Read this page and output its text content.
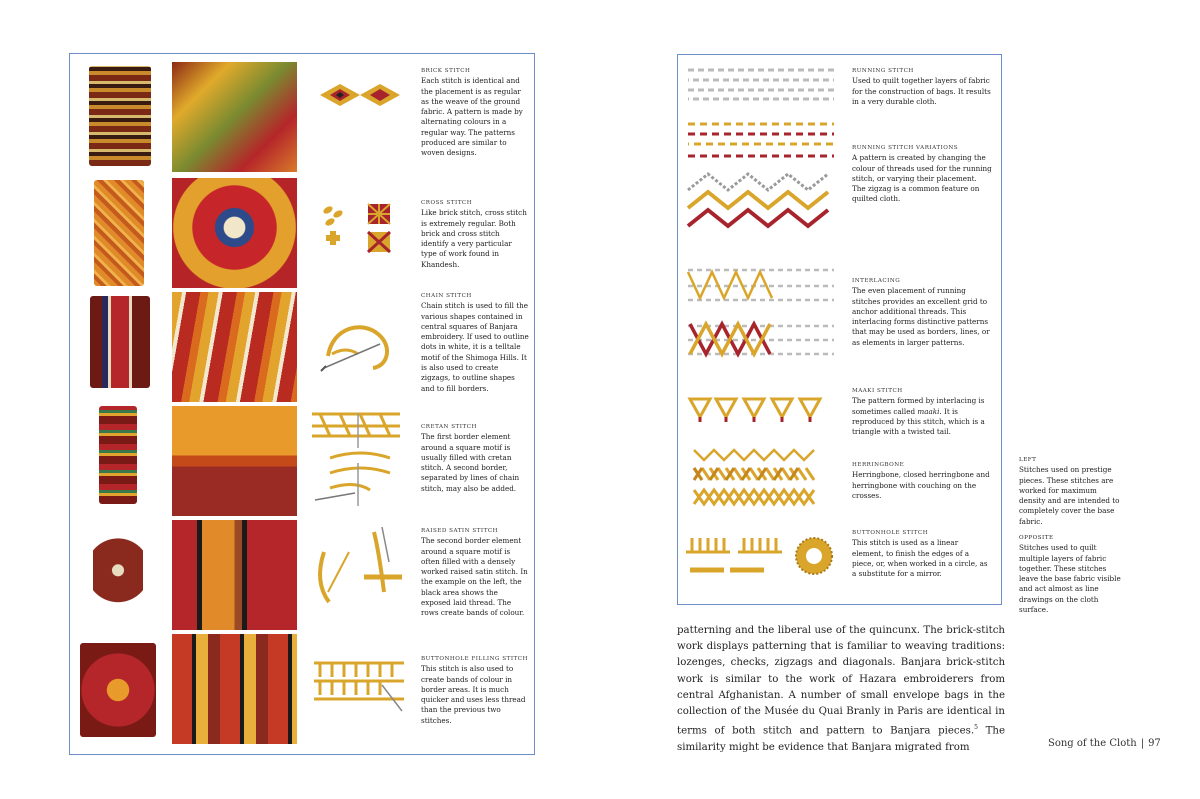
BRICK STITCH
Each stitch is identical and the placement is as regular as the weave of the ground fabric. A pattern is made by alternating colours in a regular way. The patterns produced are similar to woven designs.
CROSS STITCH
Like brick stitch, cross stitch is extremely regular. Both brick and cross stitch identify a very particular type of work found in Khandesh.
CHAIN STITCH
Chain stitch is used to fill the various shapes contained in central squares of Banjara embroidery. If used to outline dots in white, it is a telltale motif of the Shimoga Hills. It is also used to create zigzags, to outline shapes and to fill borders.
CRETAN STITCH
The first border element around a square motif is usually filled with cretan stitch. A second border, separated by lines of chain stitch, may also be added.
RAISED SATIN STITCH
The second border element around a square motif is often filled with a densely worked raised satin stitch. In the example on the left, the black area shows the exposed laid thread. The rows create bands of colour.
BUTTONHOLE FILLING STITCH
This stitch is also used to create bands of colour in border areas. It is much quicker and uses less thread than the previous two stitches.
RUNNING STITCH
Used to quilt together layers of fabric for the construction of bags. It results in a very durable cloth.
RUNNING STITCH VARIATIONS
A pattern is created by changing the colour of threads used for the running stitch, or varying their placement. The zigzag is a common feature on quilted cloth.
INTERLACING
The even placement of running stitches provides an excellent grid to anchor additional threads. This interlacing forms distinctive patterns that may be used as borders, lines, or as elements in larger patterns.
MAAKI STITCH
The pattern formed by interlacing is sometimes called maaki. It is reproduced by this stitch, which is a triangle with a twisted tail.
HERRINGBONE
Herringbone, closed herringbone and herringbone with couching on the crosses.
BUTTONHOLE STITCH
This stitch is used as a linear element, to finish the edges of a piece, or, when worked in a circle, as a substitute for a mirror.
LEFT
Stitches used on prestige pieces. These stitches are worked for maximum density and are intended to completely cover the base fabric.
OPPOSITE
Stitches used to quilt multiple layers of fabric together. These stitches leave the base fabric visible and act almost as line drawings on the cloth surface.
patterning and the liberal use of the quincunx. The brick-stitch work displays patterning that is familiar to weaving traditions: lozenges, checks, zigzags and diagonals. Banjara brick-stitch work is similar to the work of Hazara embroiderers from central Afghanistan. A number of small envelope bags in the collection of the Musée du Quai Branly in Paris are identical in terms of both stitch and pattern to Banjara pieces.$^5$ The similarity might be evidence that Banjara migrated from	Song of the Cloth | 97
